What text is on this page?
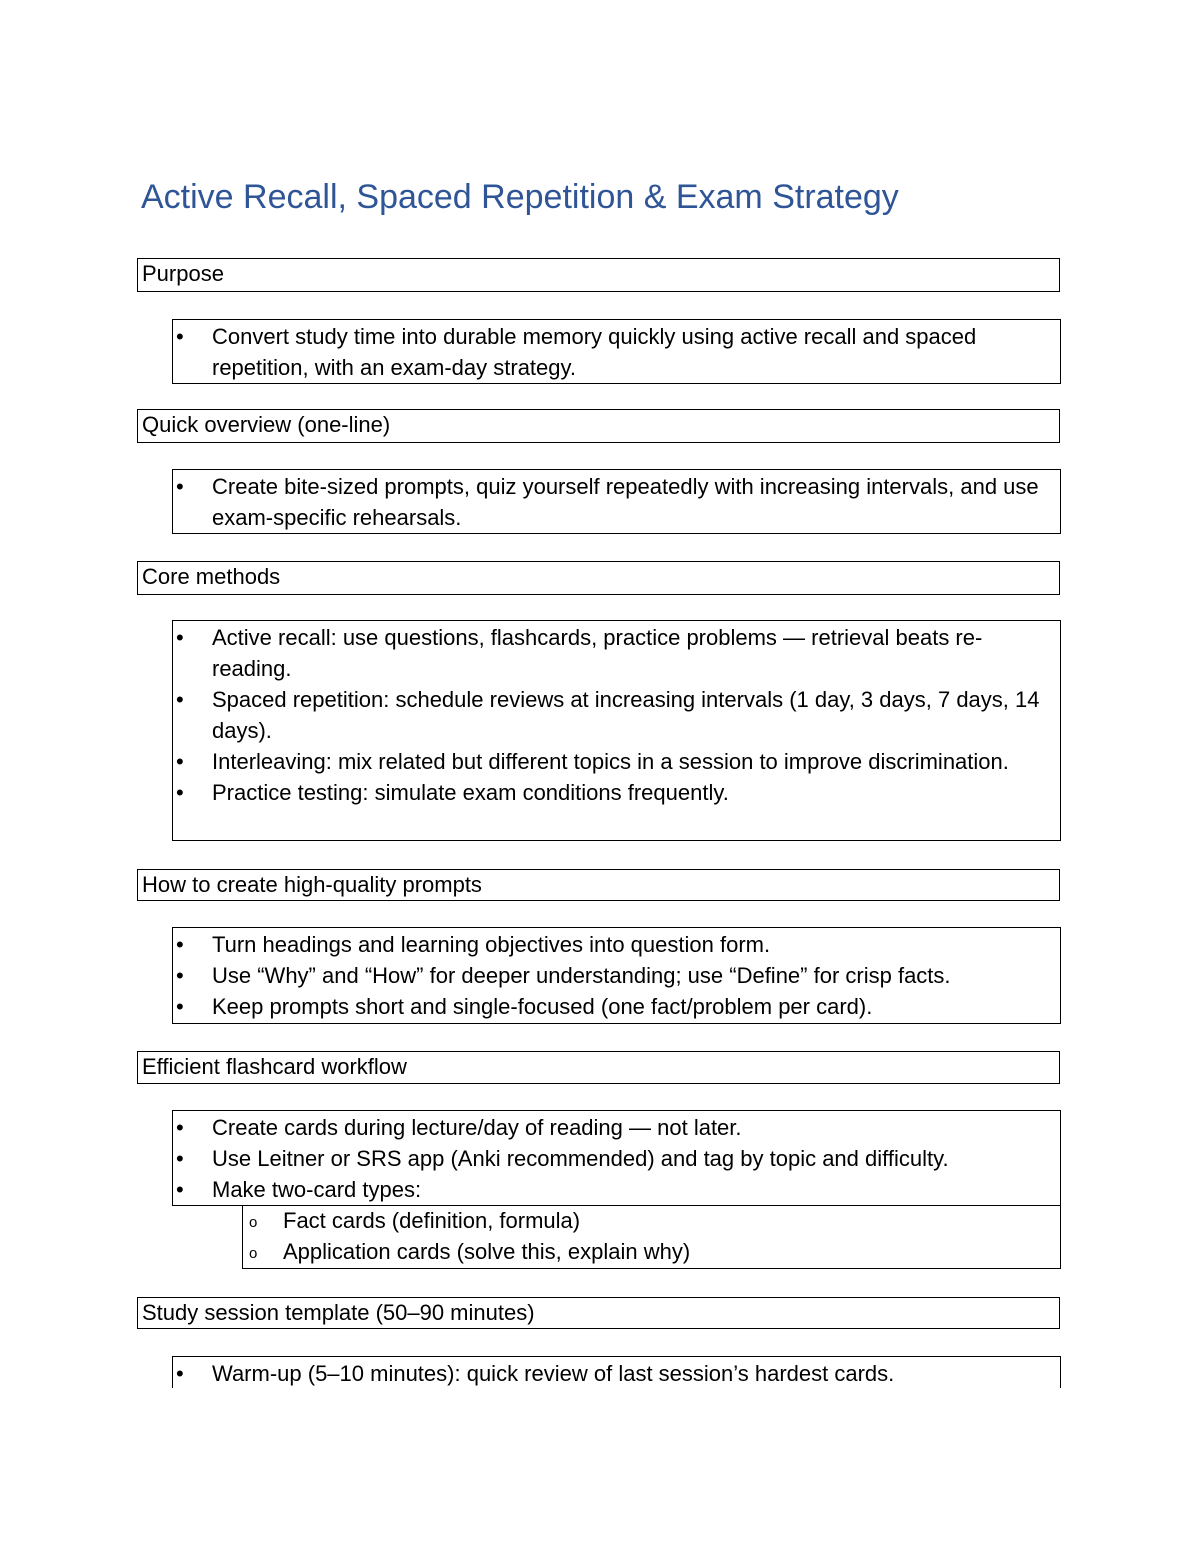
Active Recall, Spaced Repetition & Exam Strategy
Purpose
• Convert study time into durable memory quickly using active recall and spaced repetition, with an exam-day strategy.
Quick overview (one-line)
• Create bite-sized prompts, quiz yourself repeatedly with increasing intervals, and use exam-specific rehearsals.
Core methods
• Active recall: use questions, flashcards, practice problems — retrieval beats re-reading.
• Spaced repetition: schedule reviews at increasing intervals (1 day, 3 days, 7 days, 14 days).
• Interleaving: mix related but different topics in a session to improve discrimination.
• Practice testing: simulate exam conditions frequently.
How to create high-quality prompts
• Turn headings and learning objectives into question form.
• Use “Why” and “How” for deeper understanding; use “Define” for crisp facts.
• Keep prompts short and single-focused (one fact/problem per card).
Efficient flashcard workflow
• Create cards during lecture/day of reading — not later.
• Use Leitner or SRS app (Anki recommended) and tag by topic and difficulty.
• Make two-card types:
o Fact cards (definition, formula)
o Application cards (solve this, explain why)
Study session template (50–90 minutes)
• Warm-up (5–10 minutes): quick review of last session’s hardest cards.
